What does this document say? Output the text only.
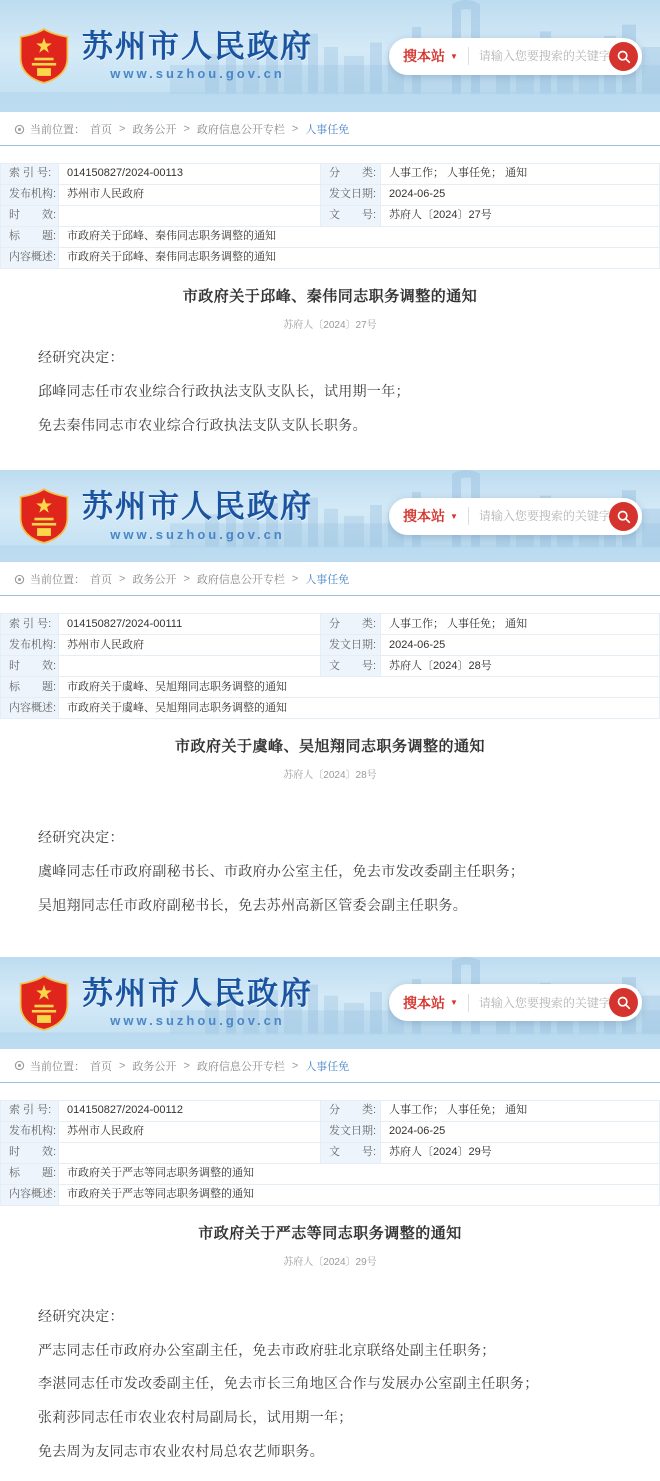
苏州市人民政府
www.suzhou.gov.cn
搜本站 ▼
请输入您要搜索的关键字
当前位置： 首页 > 政务公开 > 政府信息公开专栏 > 人事任免
索 引 号:	014150827/2024-00113	分　　类:	人事工作； 人事任免； 通知
发布机构: 苏州市人民政府	发文日期:	2024-06-25
时　　效:	文　　号:	苏府人〔2024〕27号
标　　题: 市政府关于邱峰、秦伟同志职务调整的通知
内容概述: 市政府关于邱峰、秦伟同志职务调整的通知
市政府关于邱峰、秦伟同志职务调整的通知
苏府人〔2024〕27号

经研究决定：

邱峰同志任市农业综合行政执法支队支队长，试用期一年；

免去秦伟同志市农业综合行政执法支队支队长职务。

苏州市人民政府
www.suzhou.gov.cn
搜本站 ▼
请输入您要搜索的关键字
当前位置： 首页 > 政务公开 > 政府信息公开专栏 > 人事任免
索 引 号:	014150827/2024-00111	分　　类:	人事工作； 人事任免； 通知
发布机构: 苏州市人民政府	发文日期:	2024-06-25
时　　效:	文　　号:	苏府人〔2024〕28号
标　　题: 市政府关于虞峰、吴旭翔同志职务调整的通知
内容概述: 市政府关于虞峰、吴旭翔同志职务调整的通知
市政府关于虞峰、吴旭翔同志职务调整的通知
苏府人〔2024〕28号

经研究决定：

虞峰同志任市政府副秘书长、市政府办公室主任，免去市发改委副主任职务；

吴旭翔同志任市政府副秘书长，免去苏州高新区管委会副主任职务。

苏州市人民政府
www.suzhou.gov.cn
搜本站 ▼
请输入您要搜索的关键字
当前位置： 首页 > 政务公开 > 政府信息公开专栏 > 人事任免
索 引 号:	014150827/2024-00112	分　　类:	人事工作； 人事任免； 通知
发布机构: 苏州市人民政府	发文日期:	2024-06-25
时　　效:	文　　号:	苏府人〔2024〕29号
标　　题: 市政府关于严志等同志职务调整的通知
内容概述: 市政府关于严志等同志职务调整的通知
市政府关于严志等同志职务调整的通知
苏府人〔2024〕29号

经研究决定：

严志同志任市政府办公室副主任，免去市政府驻北京联络处副主任职务；

李湛同志任市发改委副主任，免去市长三角地区合作与发展办公室副主任职务；

张莉莎同志任市农业农村局副局长，试用期一年；

免去周为友同志市农业农村局总农艺师职务。
